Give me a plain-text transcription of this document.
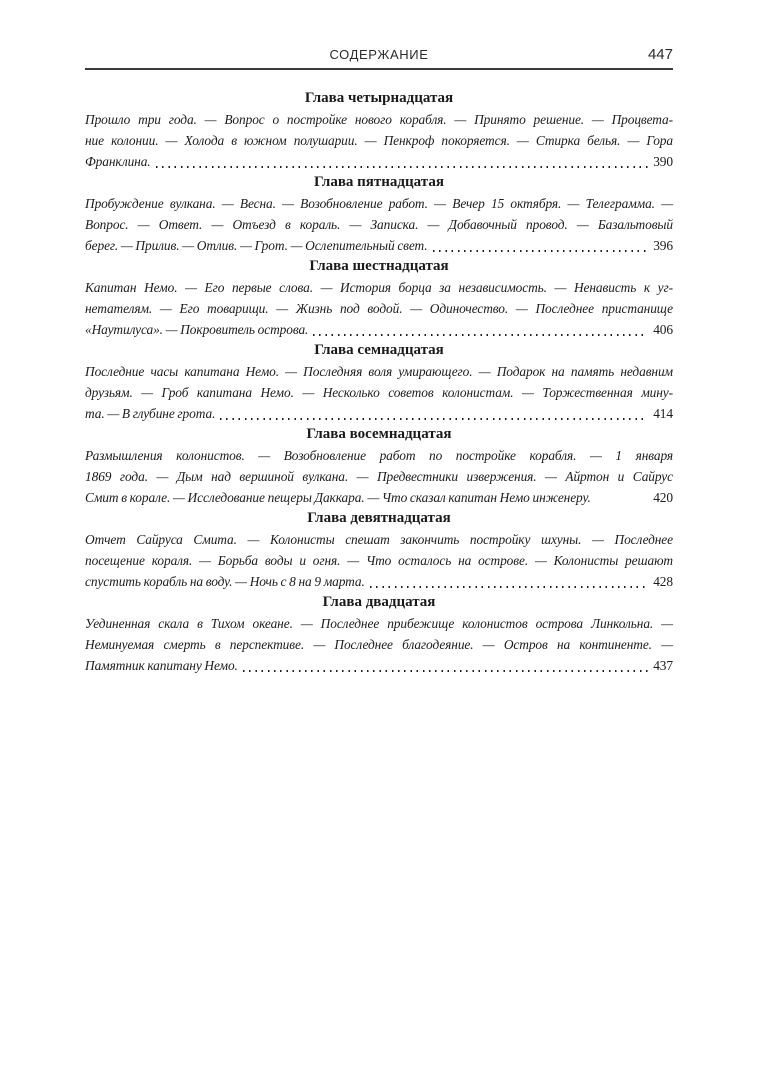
СОДЕРЖАНИЕ	447
Глава четырнадцатая
Прошло три года. — Вопрос о постройке нового корабля. — Принято решение. — Процвета-
ние колонии. — Холода в южном полушарии. — Пенкроф покоряется. — Стирка белья. — Гора
Франклина.	390
Глава пятнадцатая
Пробуждение вулкана. — Весна. — Возобновление работ. — Вечер 15 октября. — Телеграмма. —
Вопрос. — Ответ. — Отъезд в кораль. — Записка. — Добавочный провод. — Базальтовый
берег. — Прилив. — Отлив. — Грот. — Ослепительный свет.	396
Глава шестнадцатая
Капитан Немо. — Его первые слова. — История борца за независимость. — Ненависть к уг-
нетателям. — Его товарищи. — Жизнь под водой. — Одиночество. — Последнее пристанище
«Наутилуса». — Покровитель острова.	406
Глава семнадцатая
Последние часы капитана Немо. — Последняя воля умирающего. — Подарок на память недавним
друзьям. — Гроб капитана Немо. — Несколько советов колонистам. — Торжественная мину-
та. — В глубине грота.	414
Глава восемнадцатая
Размышления колонистов. — Возобновление работ по постройке корабля. — 1 января
1869 года. — Дым над вершиной вулкана. — Предвестники извержения. — Айртон и Сайрус
Смит в корале. — Исследование пещеры Даккара. — Что сказал капитан Немо инженеру.	420
Глава девятнадцатая
Отчет Сайруса Смита. — Колонисты спешат закончить постройку шхуны. — Последнее
посещение кораля. — Борьба воды и огня. — Что осталось на острове. — Колонисты решают
спустить корабль на воду. — Ночь с 8 на 9 марта.	428
Глава двадцатая
Уединенная скала в Тихом океане. — Последнее прибежище колонистов острова Линкольна. —
Неминуемая смерть в перспективе. — Последнее благодеяние. — Остров на континенте. —
Памятник капитану Немо.	437
